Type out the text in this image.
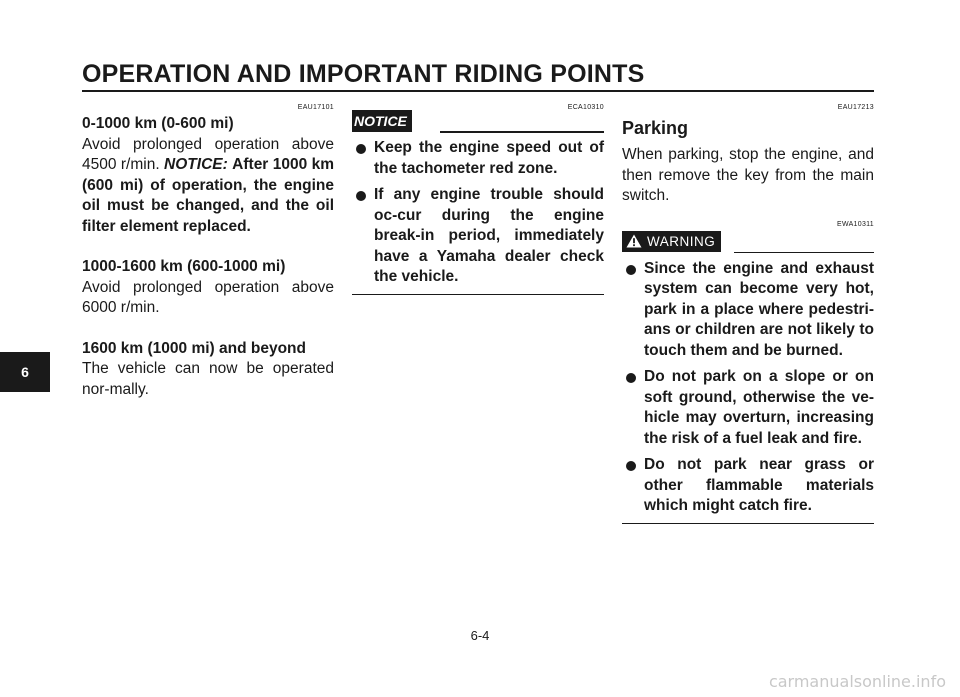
OPERATION AND IMPORTANT RIDING POINTS
6
EAU17101

0-1000 km (0-600 mi)

Avoid prolonged operation above 4500 r/min. NOTICE: After 1000 km (600 mi) of operation, the engine oil must be changed, and the oil filter element replaced.

1000-1600 km (600-1000 mi)

Avoid prolonged operation above 6000 r/min.

1600 km (1000 mi) and beyond

The vehicle can now be operated nor-mally.

NOTICE
ECA10310
Keep the engine speed out of the tachometer red zone.
If any engine trouble should oc-cur during the engine break-in period, immediately have a Yamaha dealer check the vehicle.
EAU17213
Parking

When parking, stop the engine, and then remove the key from the main switch.

EWA10311
WARNING
Since the engine and exhaust system can become very hot, park in a place where pedestri-ans or children are not likely to touch them and be burned.
Do not park on a slope or on soft ground, otherwise the ve-hicle may overturn, increasing the risk of a fuel leak and fire.
Do not park near grass or other flammable materials which might catch fire.
6-4
carmanualsonline.info
